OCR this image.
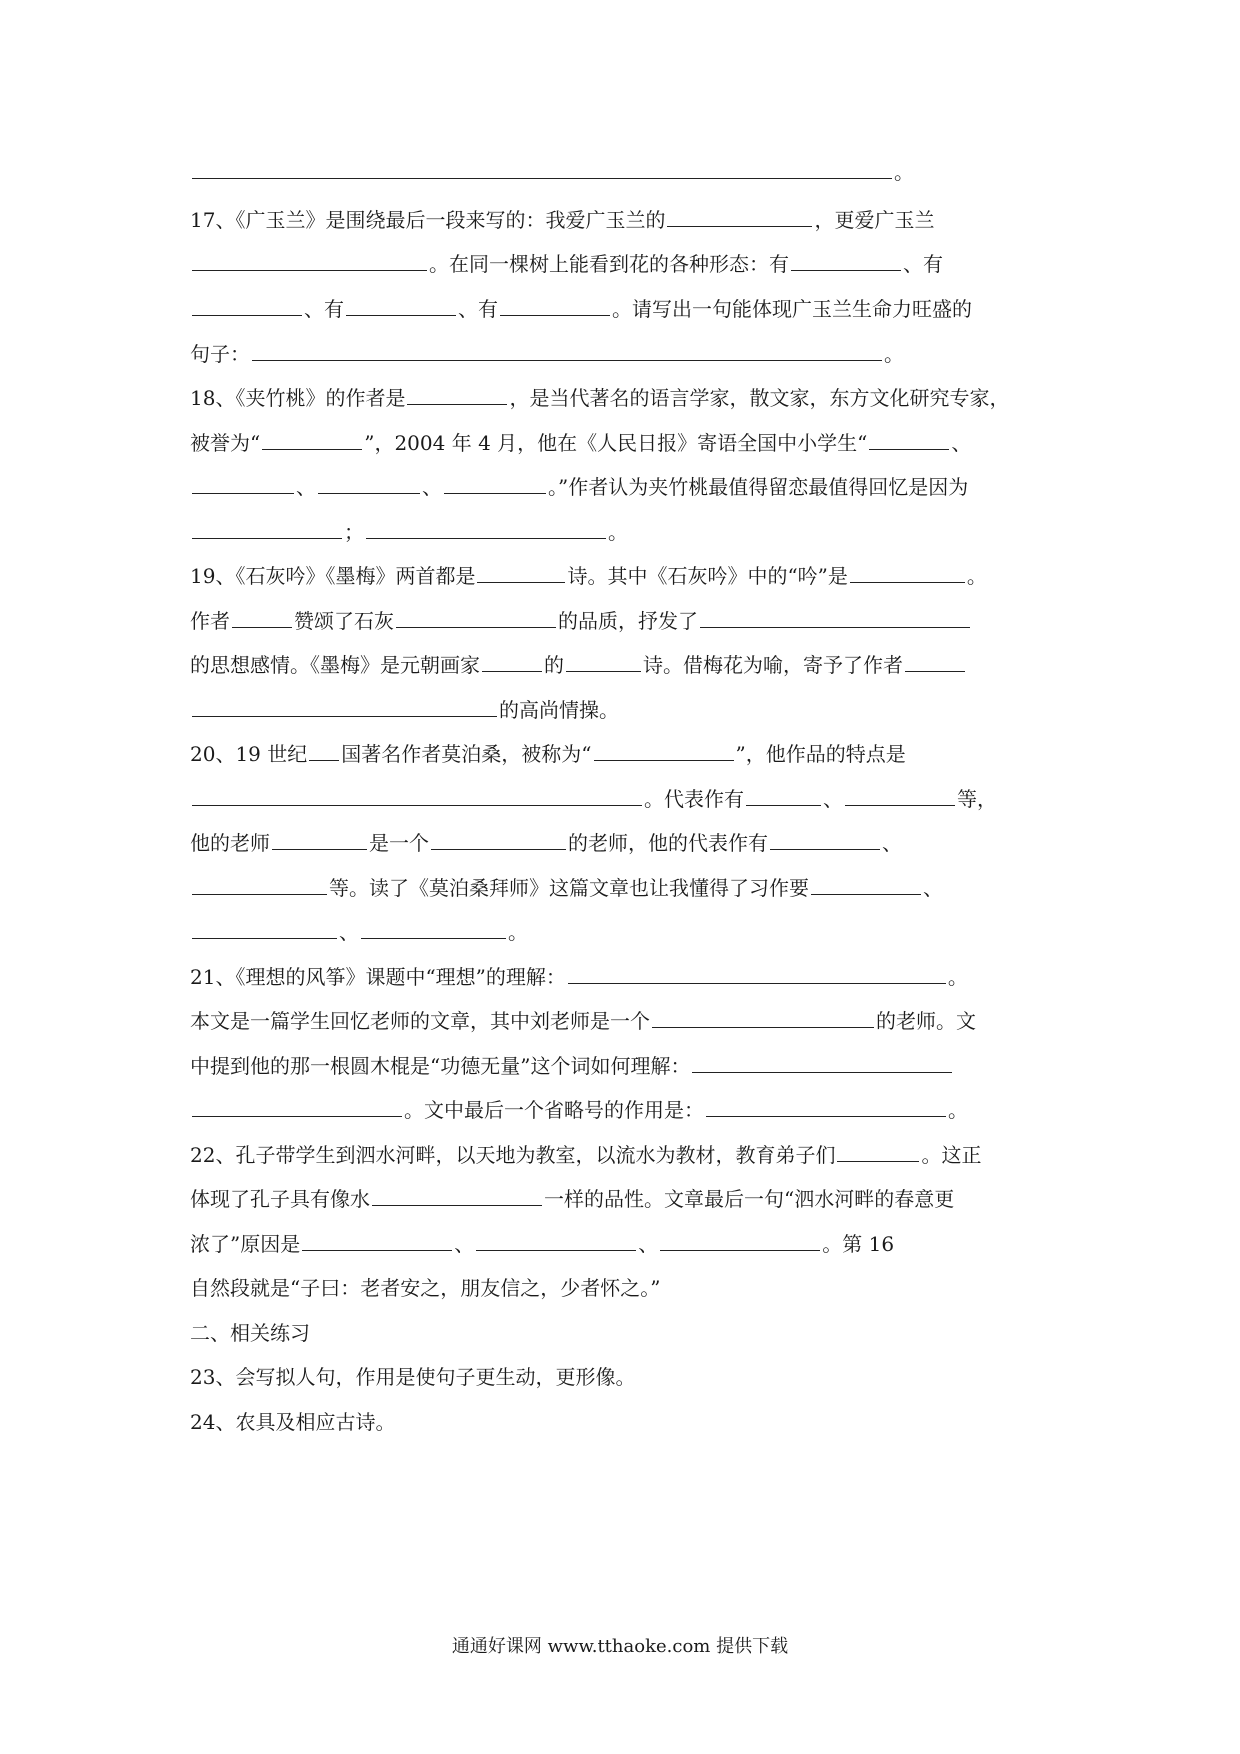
。
17、《广玉兰》是围绕最后一段来写的：我爱广玉兰的	，更爱广玉兰
。在同一棵树上能看到花的各种形态：有	、有
、有	、有	。请写出一句能体现广玉兰生命力旺盛的
句子：	。
18、《夹竹桃》的作者是	，是当代著名的语言学家，散文家，东方文化研究专家，
被誉为“	”，2004 年 4 月，他在《人民日报》寄语全国中小学生“	、
、	、	。”作者认为夹竹桃最值得留恋最值得回忆是因为
；	。
19、《石灰吟》《墨梅》两首都是	诗。其中《石灰吟》中的“吟”是	。
作者	赞颂了石灰	的品质，抒发了
的思想感情。《墨梅》是元朝画家	的	诗。借梅花为喻，寄予了作者
的高尚情操。
20、19 世纪 国著名作者莫泊桑，被称为“	”，他作品的特点是
。代表作有	、	等，
他的老师	是一个	的老师，他的代表作有	、
等。读了《莫泊桑拜师》这篇文章也让我懂得了习作要	、
、	。
21、《理想的风筝》课题中“理想”的理解：	。
本文是一篇学生回忆老师的文章，其中刘老师是一个	的老师。文
中提到他的那一根圆木棍是“功德无量”这个词如何理解：
。文中最后一个省略号的作用是：	。
22、孔子带学生到泗水河畔，以天地为教室，以流水为教材，教育弟子们	。这正
体现了孔子具有像水	一样的品性。文章最后一句“泗水河畔的春意更
浓了”原因是	、	、	。第 16
自然段就是“子曰：老者安之，朋友信之，少者怀之。”
二、相关练习
23、会写拟人句，作用是使句子更生动，更形像。
24、农具及相应古诗。
通通好课网 www.tthaoke.com 提供下载
